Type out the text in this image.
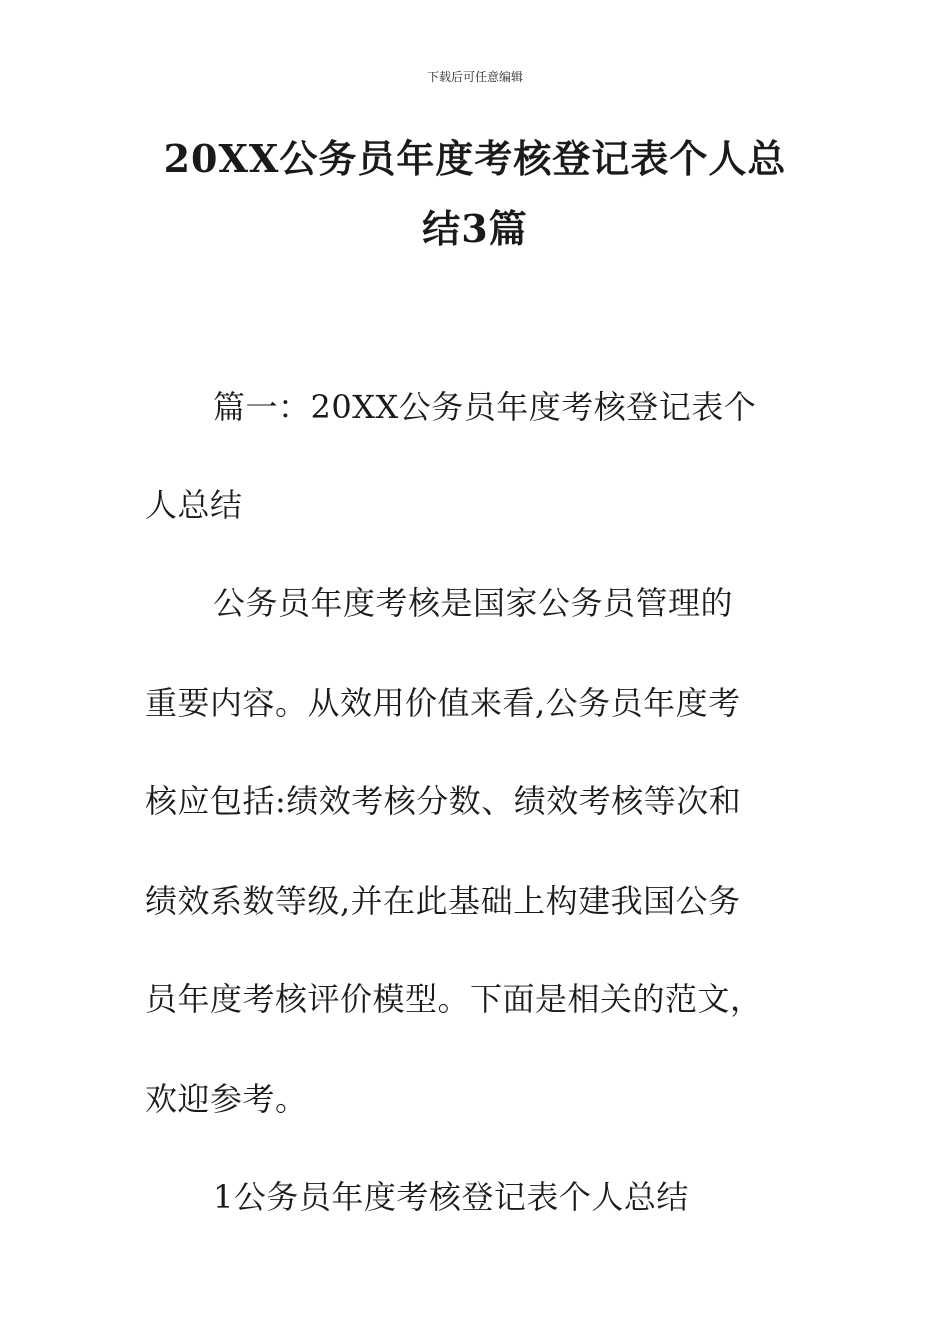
下载后可任意编辑
20XX公务员年度考核登记表个人总
结3篇
篇一：20XX公务员年度考核登记表个
人总结
公务员年度考核是国家公务员管理的
重要内容。从效用价值来看,公务员年度考
核应包括:绩效考核分数、绩效考核等次和
绩效系数等级,并在此基础上构建我国公务
员年度考核评价模型。下面是相关的范文，
欢迎参考。
1公务员年度考核登记表个人总结
